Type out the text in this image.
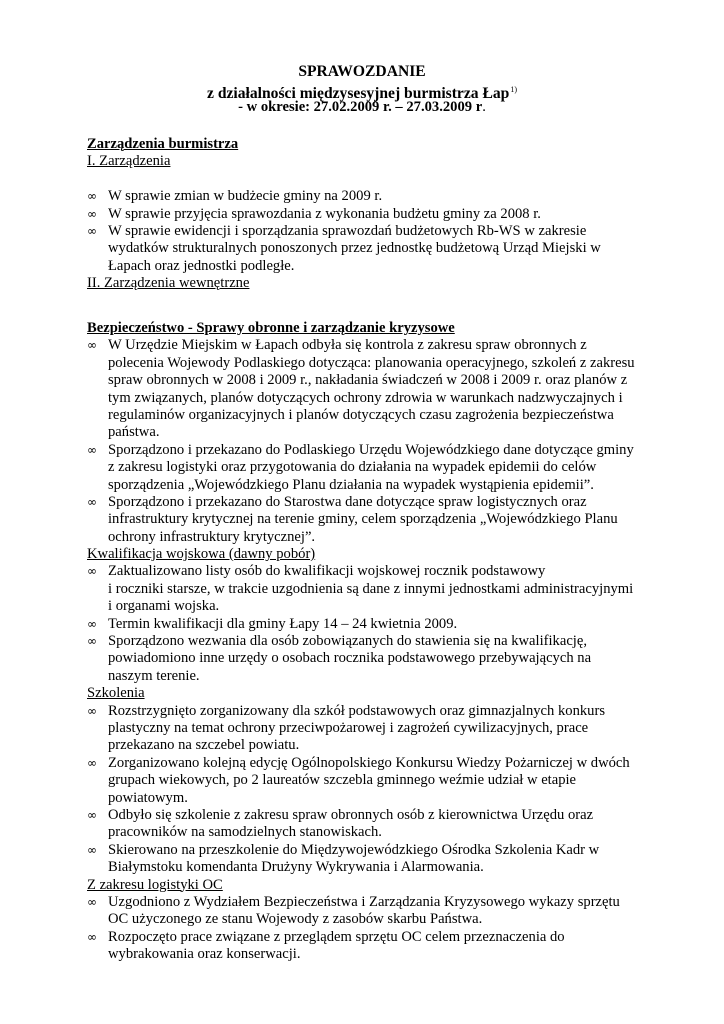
SPRAWOZDANIE
z działalności międzysesyjnej burmistrza Łap$^{1)}$
- w okresie: 27.02.2009 r. – 27.03.2009 r.
Zarządzenia burmistrza
I. Zarządzenia
∞ W sprawie zmian w budżecie gminy na 2009 r.
∞ W sprawie przyjęcia sprawozdania z wykonania budżetu gminy za 2008 r.
∞ W sprawie ewidencji i sporządzania sprawozdań budżetowych Rb-WS w zakresie
wydatków strukturalnych ponoszonych przez jednostkę budżetową Urząd Miejski w
Łapach oraz jednostki podległe.
II. Zarządzenia wewnętrzne
Bezpieczeństwo - Sprawy obronne i zarządzanie kryzysowe
∞ W Urzędzie Miejskim w Łapach odbyła się kontrola z zakresu spraw obronnych z
polecenia Wojewody Podlaskiego dotycząca: planowania operacyjnego, szkoleń z zakresu
spraw obronnych w 2008 i 2009 r., nakładania świadczeń w 2008 i 2009 r. oraz planów z
tym związanych, planów dotyczących ochrony zdrowia w warunkach nadzwyczajnych i
regulaminów organizacyjnych i planów dotyczących czasu zagrożenia bezpieczeństwa
państwa.
∞ Sporządzono i przekazano do Podlaskiego Urzędu Wojewódzkiego dane dotyczące gminy
z zakresu logistyki oraz przygotowania do działania na wypadek epidemii do celów
sporządzenia „Wojewódzkiego Planu działania na wypadek wystąpienia epidemii”.
∞ Sporządzono i przekazano do Starostwa dane dotyczące spraw logistycznych oraz
infrastruktury krytycznej na terenie gminy, celem sporządzenia „Wojewódzkiego Planu
ochrony infrastruktury krytycznej”.
Kwalifikacja wojskowa (dawny pobór)
∞ Zaktualizowano listy osób do kwalifikacji wojskowej rocznik podstawowy
i roczniki starsze, w trakcie uzgodnienia są dane z innymi jednostkami administracyjnymi
i organami wojska.
∞ Termin kwalifikacji dla gminy Łapy 14 – 24 kwietnia 2009.
∞ Sporządzono wezwania dla osób zobowiązanych do stawienia się na kwalifikację,
powiadomiono inne urzędy o osobach rocznika podstawowego przebywających na
naszym terenie.
Szkolenia
∞ Rozstrzygnięto zorganizowany dla szkół podstawowych oraz gimnazjalnych konkurs
plastyczny na temat ochrony przeciwpożarowej i zagrożeń cywilizacyjnych, prace
przekazano na szczebel powiatu.
∞ Zorganizowano kolejną edycję Ogólnopolskiego Konkursu Wiedzy Pożarniczej w dwóch
grupach wiekowych, po 2 laureatów szczebla gminnego weźmie udział w etapie
powiatowym.
∞ Odbyło się szkolenie z zakresu spraw obronnych osób z kierownictwa Urzędu oraz
pracowników na samodzielnych stanowiskach.
∞ Skierowano na przeszkolenie do Międzywojewódzkiego Ośrodka Szkolenia Kadr w
Białymstoku komendanta Drużyny Wykrywania i Alarmowania.
Z zakresu logistyki OC
∞ Uzgodniono z Wydziałem Bezpieczeństwa i Zarządzania Kryzysowego wykazy sprzętu
OC użyczonego ze stanu Wojewody z zasobów skarbu Państwa.
∞ Rozpoczęto prace związane z przeglądem sprzętu OC celem przeznaczenia do
wybrakowania oraz konserwacji.
